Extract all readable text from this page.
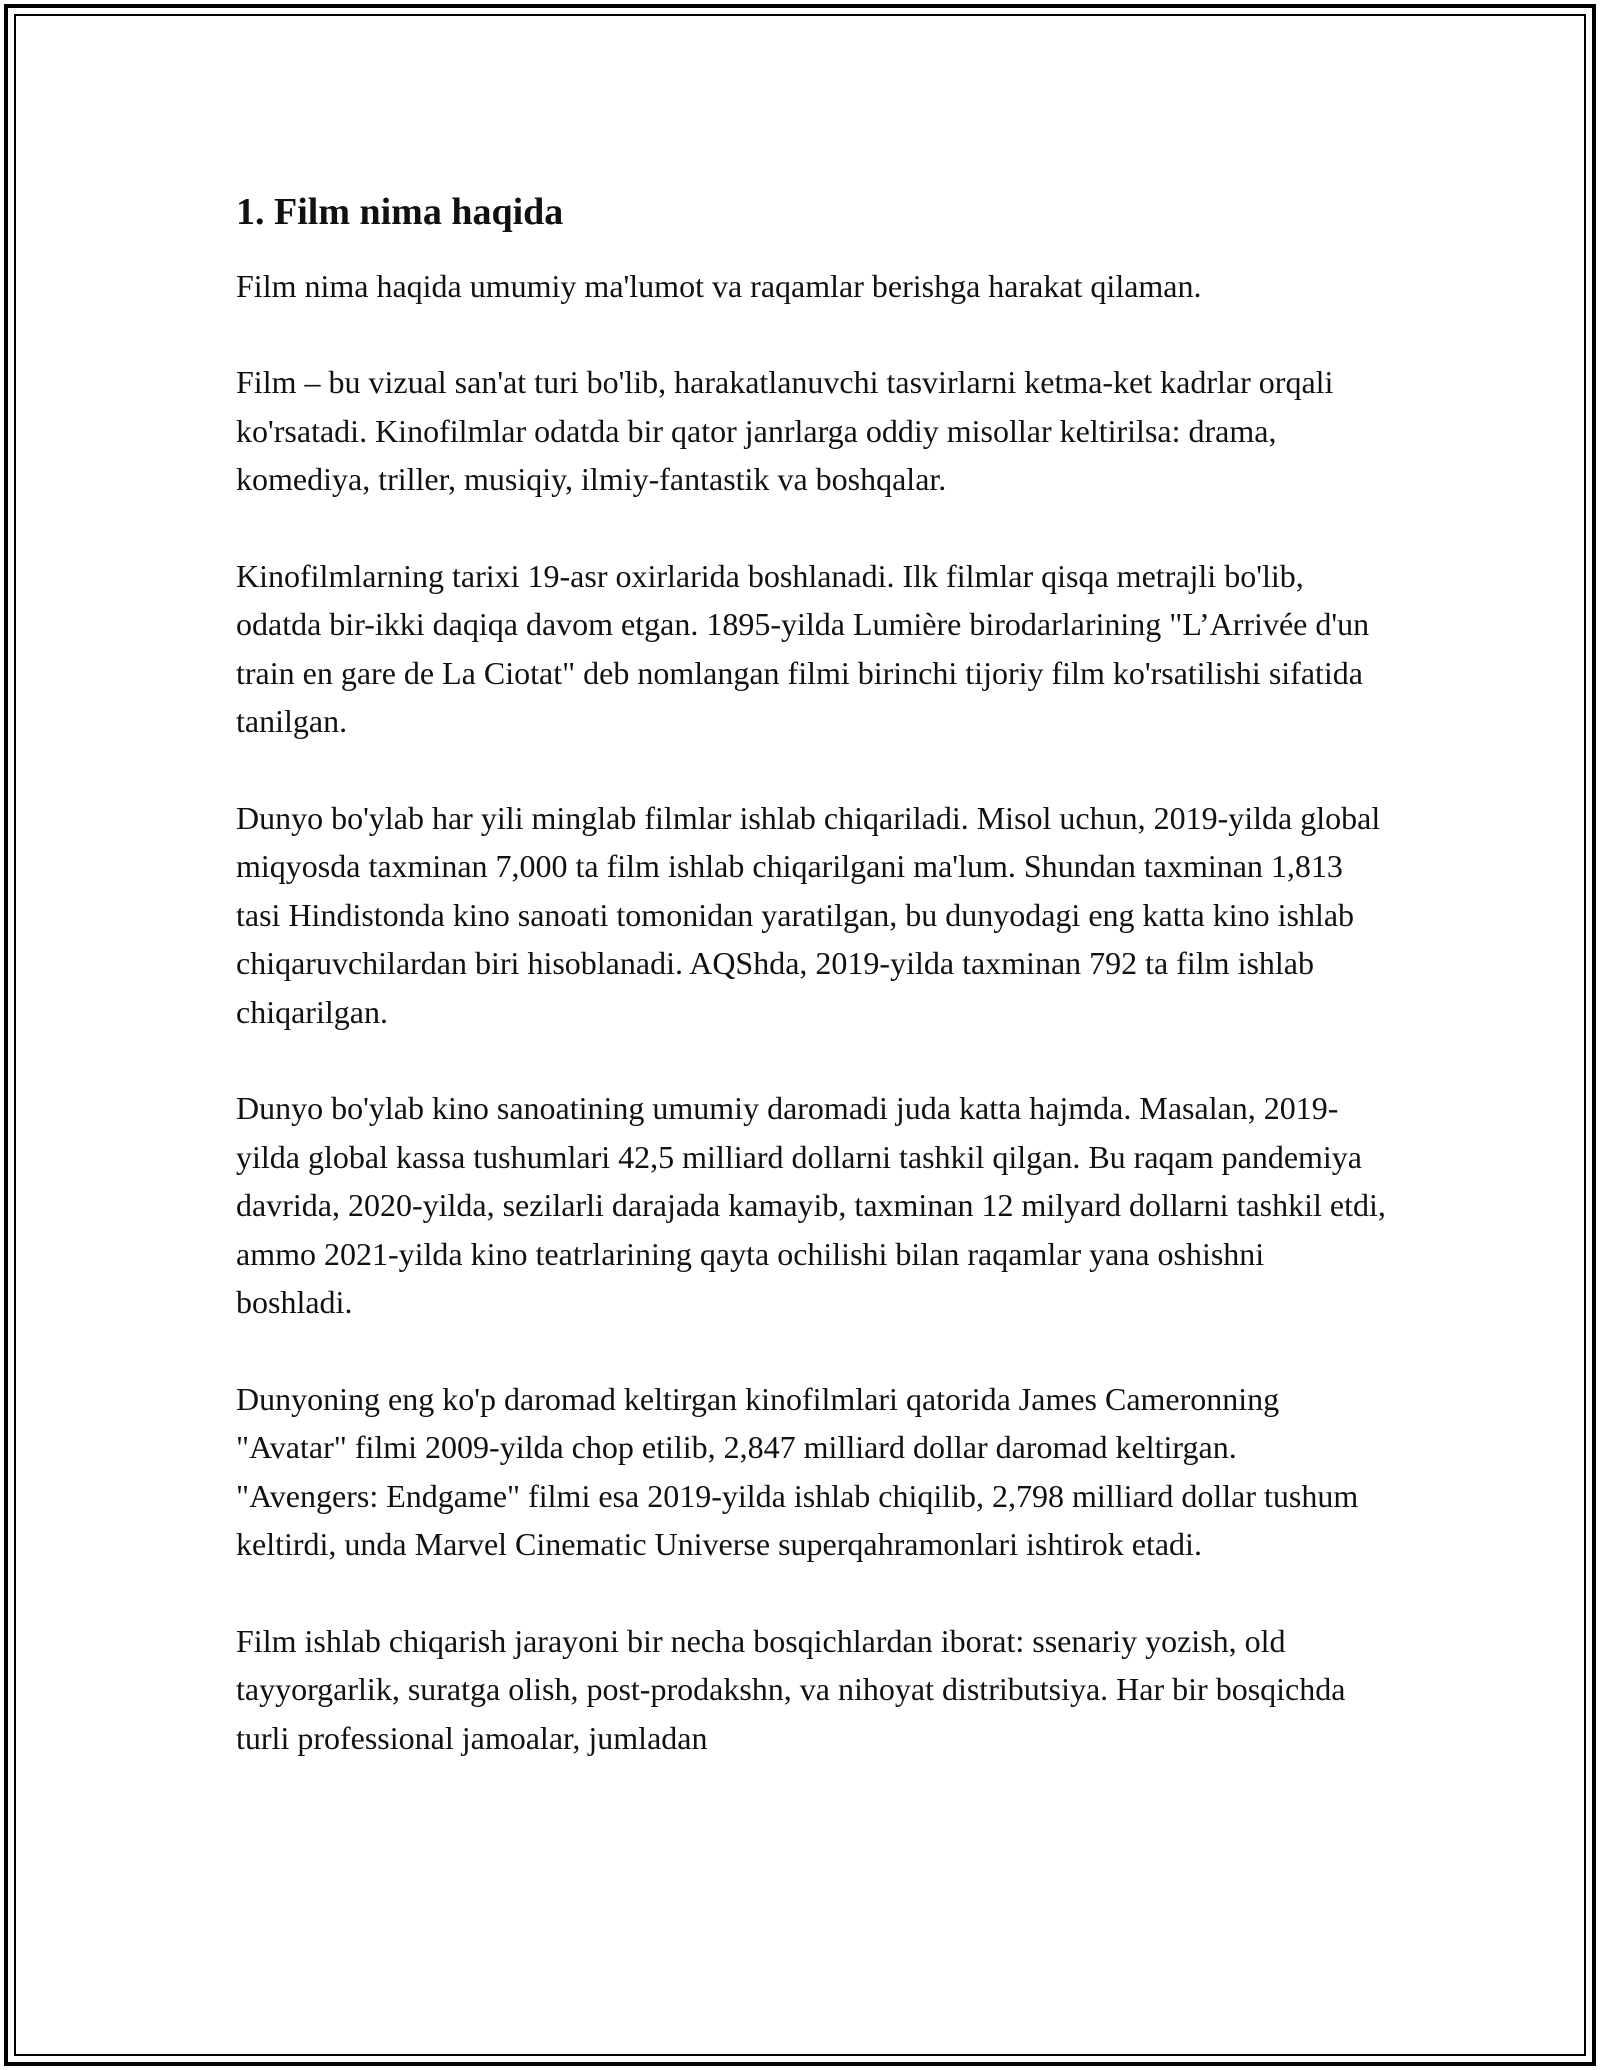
1. Film nima haqida

Film nima haqida umumiy ma'lumot va raqamlar berishga harakat qilaman.

Film – bu vizual san'at turi bo'lib, harakatlanuvchi tasvirlarni ketma-ket kadrlar orqali ko'rsatadi. Kinofilmlar odatda bir qator janrlarga oddiy misollar keltirilsa: drama, komediya, triller, musiqiy, ilmiy-fantastik va boshqalar.

Kinofilmlarning tarixi 19-asr oxirlarida boshlanadi. Ilk filmlar qisqa metrajli bo'lib, odatda bir-ikki daqiqa davom etgan. 1895-yilda Lumière birodarlarining "L’Arrivée d'un train en gare de La Ciotat" deb nomlangan filmi birinchi tijoriy film ko'rsatilishi sifatida tanilgan.

Dunyo bo'ylab har yili minglab filmlar ishlab chiqariladi. Misol uchun, 2019-yilda global miqyosda taxminan 7,000 ta film ishlab chiqarilgani ma'lum. Shundan taxminan 1,813 tasi Hindistonda kino sanoati tomonidan yaratilgan, bu dunyodagi eng katta kino ishlab chiqaruvchilardan biri hisoblanadi. AQShda, 2019-yilda taxminan 792 ta film ishlab chiqarilgan.

Dunyo bo'ylab kino sanoatining umumiy daromadi juda katta hajmda. Masalan, 2019-yilda global kassa tushumlari 42,5 milliard dollarni tashkil qilgan. Bu raqam pandemiya davrida, 2020-yilda, sezilarli darajada kamayib, taxminan 12 milyard dollarni tashkil etdi, ammo 2021-yilda kino teatrlarining qayta ochilishi bilan raqamlar yana oshishni boshladi.

Dunyoning eng ko'p daromad keltirgan kinofilmlari qatorida James Cameronning "Avatar" filmi 2009-yilda chop etilib, 2,847 milliard dollar daromad keltirgan. "Avengers: Endgame" filmi esa 2019-yilda ishlab chiqilib, 2,798 milliard dollar tushum keltirdi, unda Marvel Cinematic Universe superqahramonlari ishtirok etadi.

Film ishlab chiqarish jarayoni bir necha bosqichlardan iborat: ssenariy yozish, old tayyorgarlik, suratga olish, post-prodakshn, va nihoyat distributsiya. Har bir bosqichda turli professional jamoalar, jumladan
